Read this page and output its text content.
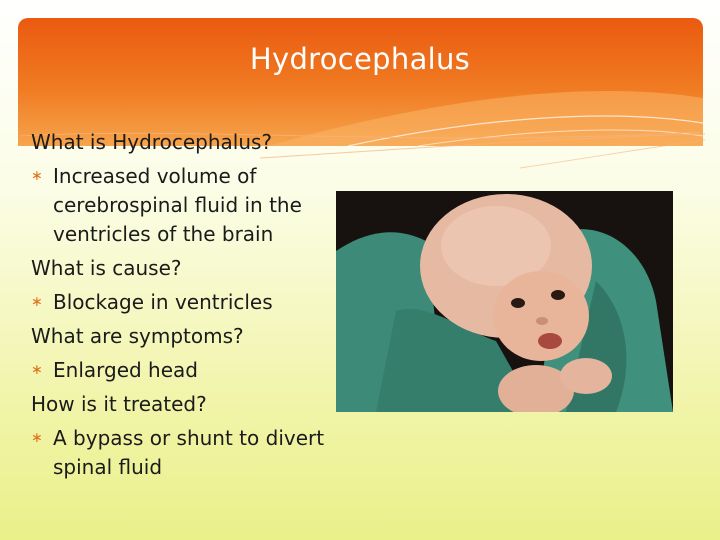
Hydrocephalus
What is Hydrocephalus?
∗ Increased volume of cerebrospinal fluid in the ventricles of the brain
What is cause?
∗ Blockage in ventricles
What are symptoms?
∗ Enlarged head
How is it treated?
∗ A bypass or shunt to divert spinal fluid
